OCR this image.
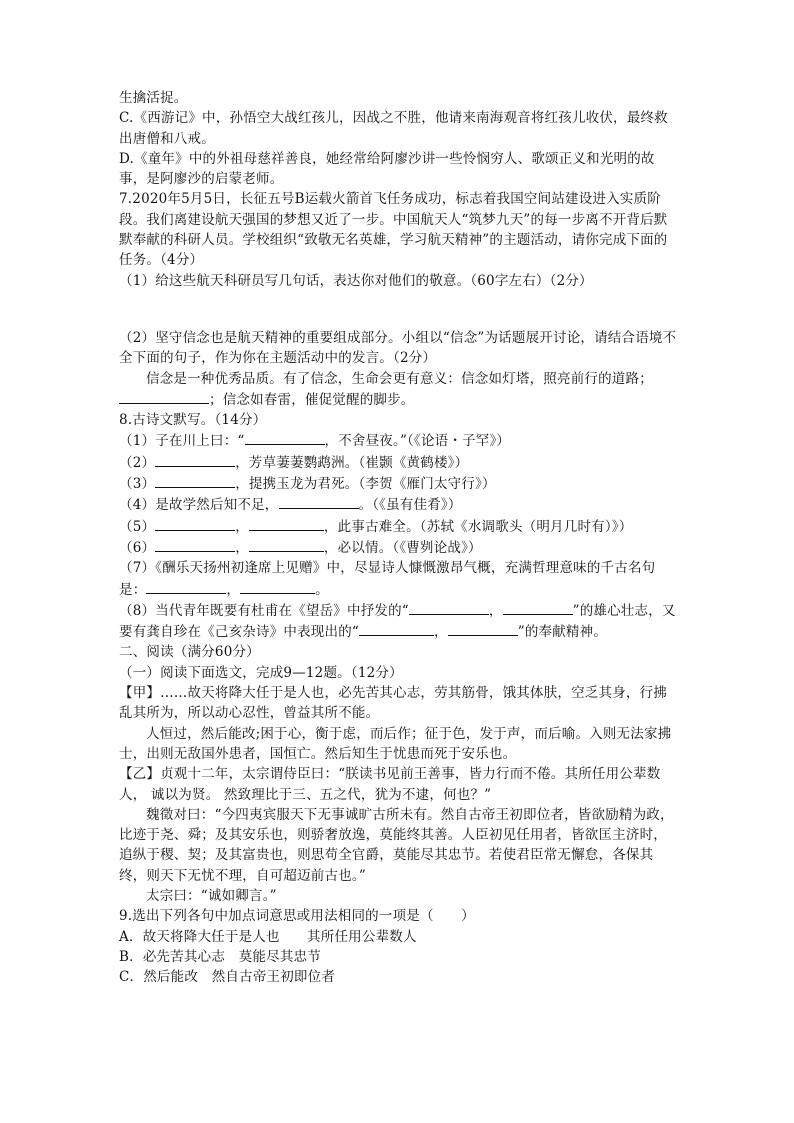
生擒活捉。

C.《西游记》中，孙悟空大战红孩儿，因战之不胜，他请来南海观音将红孩儿收伏，最终救出唐僧和八戒。

D.《童年》中的外祖母慈祥善良，她经常给阿廖沙讲一些怜悯穷人、歌颂正义和光明的故事，是阿廖沙的启蒙老师。

7.2020年5月5日，长征五号B运载火箭首飞任务成功，标志着我国空间站建设进入实质阶段。我们离建设航天强国的梦想又近了一步。中国航天人“筑梦九天”的每一步离不开背后默默奉献的科研人员。学校组织“致敬无名英雄，学习航天精神”的主题活动，请你完成下面的任务。（4分）

（1）给这些航天科研员写几句话，表达你对他们的敬意。（60字左右）（2分）

（2）坚守信念也是航天精神的重要组成部分。小组以“信念”为话题展开讨论，请结合语境不全下面的句子，作为你在主题活动中的发言。（2分）

信念是一种优秀品质。有了信念，生命会更有意义：信念如灯塔，照亮前行的道路；；信念如春雷，催促觉醒的脚步。

8.古诗文默写。（14分）

（1）子在川上曰：“	，不舍昼夜。”（《论语・子罕》）

（2）	，芳草萋萋鹦鹉洲。（崔颢《黄鹤楼》）

（3）	，提携玉龙为君死。（李贺《雁门太守行》）

（4）是故学然后知不足，	。（《虽有佳肴》）

（5）	，	，此事古难全。（苏轼《水调歌头（明月几时有）》）

（6）	，	，必以情。（《曹刿论战》）

（7）《酬乐天扬州初逢席上见赠》中，尽显诗人慷慨激昂气概，充满哲理意味的千古名句是：	，	。

（8）当代青年既要有杜甫在《望岳》中抒发的“	，	”的雄心壮志，又要有龚自珍在《己亥杂诗》中表现出的“	，	”的奉献精神。

二、阅读（满分60分）

（一）阅读下面选文，完成9—12题。（12分）

【甲】……故天将降大任于是人也，必先苦其心志，劳其筋骨，饿其体肤，空乏其身，行拂乱其所为，所以动心忍性，曾益其所不能。

人恒过，然后能改;困于心，衡于虑，而后作；征于色，发于声，而后喻。入则无法家拂士，出则无敌国外患者，国恒亡。然后知生于忧患而死于安乐也。

【乙】贞观十二年，太宗谓侍臣曰：“朕读书见前王善事，皆力行而不倦。其所任用公辈数人， 诚以为贤。 然致理比于三、五之代，犹为不逮，何也？”

魏徵对曰：“今四夷宾服天下无事诚旷古所未有。然自古帝王初即位者，皆欲励精为政，比迹于尧、舜；及其安乐也，则骄奢放逸，莫能终其善。人臣初见任用者，皆欲匡主济时，追纵于稷、契；及其富贵也，则思苟全官爵，莫能尽其忠节。若使君臣常无懈怠，各保其终，则天下无忧不理，自可超迈前古也。”

太宗曰：“诚如卿言。”

9.选出下列各句中加点词意思或用法相同的一项是（　　）

A．故天将降大任于是人也　　其所任用公辈数人

B．必先苦其心志　莫能尽其忠节

C．然后能改　然自古帝王初即位者
